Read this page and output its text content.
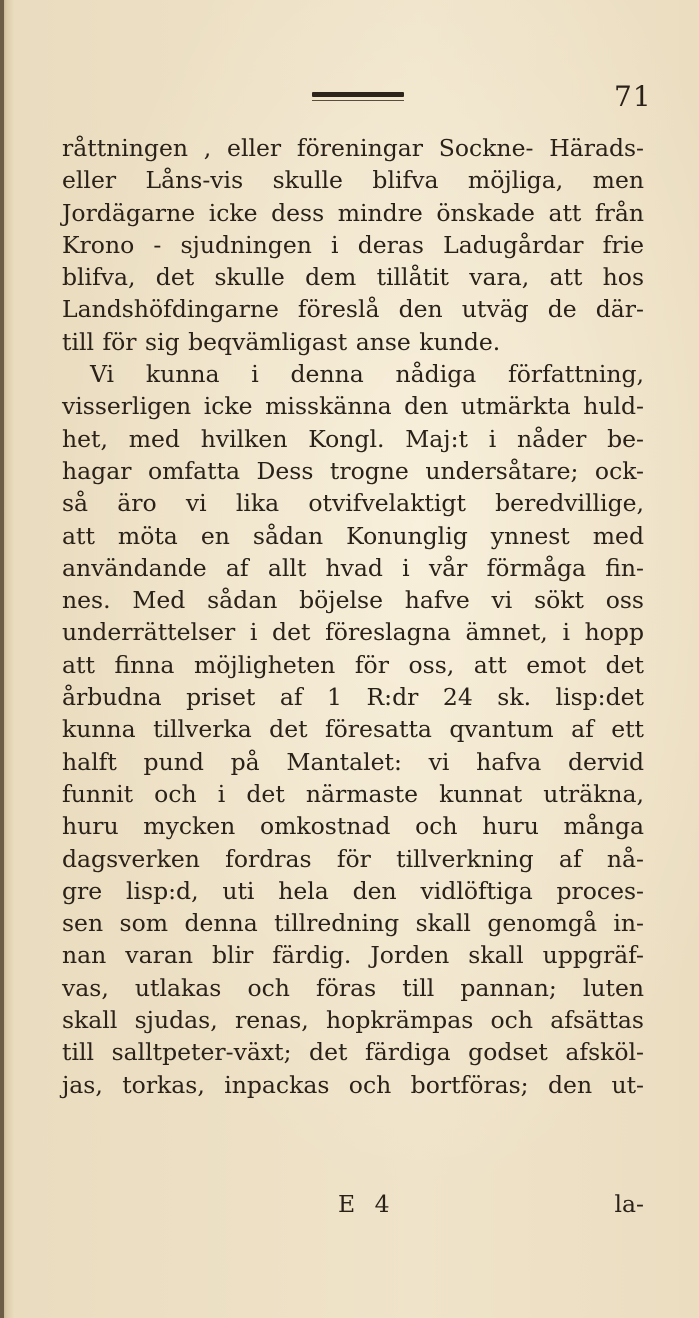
71
råttningen , eller föreningar Sockne- Härads-
eller Låns-vis skulle blifva möjliga, men
Jordägarne icke dess mindre önskade att från
Krono - sjudningen i deras Ladugårdar frie
blifva, det skulle dem tillåtit vara, att hos
Landshöfdingarne föreslå den utväg de där-
till för sig beqvämligast anse kunde.
Vi kunna i denna nådiga författning,
visserligen icke misskänna den utmärkta huld-
het, med hvilken Kongl. Maj:t i nåder be-
hagar omfatta Dess trogne undersåtare; ock-
så äro vi lika otvifvelaktigt beredvillige,
att möta en sådan Konunglig ynnest med
användande af allt hvad i vår förmåga fin-
nes. Med sådan böjelse hafve vi sökt oss
underrättelser i det föreslagna ämnet, i hopp
att finna möjligheten för oss, att emot det
årbudna priset af 1 R:dr 24 sk. lisp:det
kunna tillverka det föresatta qvantum af ett
halft pund på Mantalet: vi hafva dervid
funnit och i det närmaste kunnat uträkna,
huru mycken omkostnad och huru många
dagsverken fordras för tillverkning af nå-
gre lisp:d, uti hela den vidlöftiga proces-
sen som denna tillredning skall genomgå in-
nan varan blir färdig. Jorden skall uppgräf-
vas, utlakas och föras till pannan; luten
skall sjudas, renas, hopkrämpas och afsättas
till salltpeter-växt; det färdiga godset afsköl-
jas, torkas, inpackas och bortföras; den ut-
E 4	la-
